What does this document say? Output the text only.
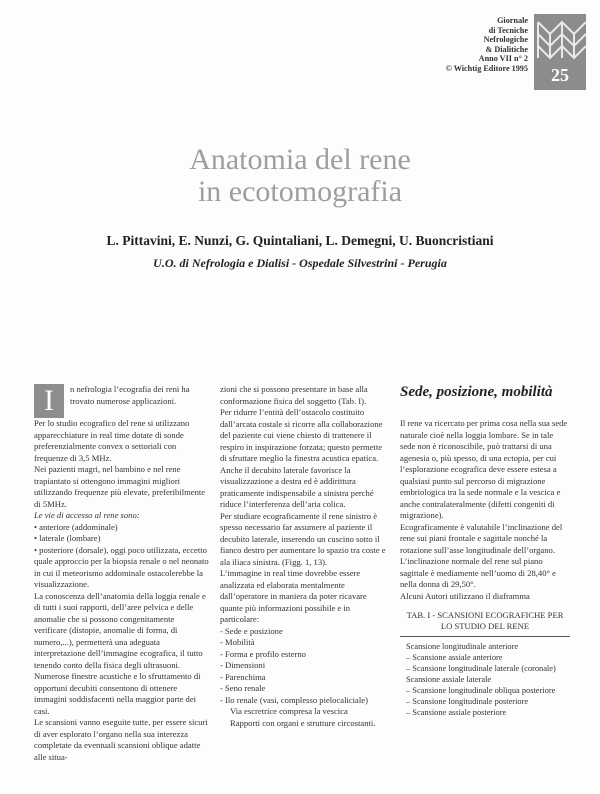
Giornale
di Tecniche
Nefrologiche
& Dialitiche
Anno VII n° 2
© Wichtig Editore 1995	25
Anatomia del rene
in ecotomografia
L. Pittavini, E. Nunzi, G. Quintaliani, L. Demegni, U. Buoncristiani
U.O. di Nefrologia e Dialisi - Ospedale Silvestrini - Perugia
I	n nefrologia l’ecografia dei reni ha trovato numerose applicazioni.

Per lo studio ecografico del rene si utilizzano apparecchiature in real time dotate di sonde preferenzialmente convex o settoriali con frequenze di 3,5 MHz.

Nei pazienti magri, nel bambino e nel rene trapiantato si ottengono immagini migliori utilizzando frequenze più elevate, preferibilmente di 5MHz.

Le vie di accesso al rene sono:

• anteriore (addominale)

• laterale (lombare)

• posteriore (dorsale), oggi poco utilizzata, eccetto quale approccio per la biopsia renale o nel neonato in cui il meteorismo addominale ostacolerebbe la visualizzazione.

La conoscenza dell’anatomia della loggia renale e di tutti i suoi rapporti, dell’aree pelvica e delle anomalie che si possono congenitamente verificare (distopie, anomalie di forma, di numero,...), permetterà una adeguata interpretazione dell’immagine ecografica, il tutto tenendo conto della fisica degli ultrasuoni.

Numerose finestre acustiche e lo sfruttamento di opportuni decubiti consentono di ottenere immagini soddisfacenti nella maggior parte dei casi.

Le scansioni vanno eseguite tutte, per essere sicuri di aver esplorato l’organo nella sua interezza completate da eventuali scansioni oblique adatte alle situa-

zioni che si possono presentare in base alla conformazione fisica del soggetto (Tab. I).

Per ridurre l’entità dell’ostacolo costituito dall’arcata costale si ricorre alla collaborazione del paziente cui viene chiesto di trattenere il respiro in inspirazione forzata; questo permette di sfruttare meglio la finestra acustica epatica. Anche il decubito laterale favorisce la visualizzazione a destra ed è addirittura praticamente indispensabile a sinistra perché riduce l’interferenza dell’aria colica.

Per studiare ecograficamente il rene sinistro è spesso necessario far assumere al paziente il decubito laterale, inserendo un cuscino sotto il fianco destro per aumentare lo spazio tra coste e ala iliaca sinistra. (Figg. 1, 13).

L’immagine in real time dovrebbe essere analizzata ed elaborata mentalmente dall’operatore in maniera da poter ricavare quante più informazioni possibile e in particolare:

- Sede e posizione

- Mobilità

- Forma e profilo esterno

- Dimensioni

- Parenchima

- Seno renale

- Ilo renale (vasi, complesso pielocaliciale)

Via escretrice compresa la vescica

Rapporti con organi e strutture circostanti.

Sede, posizione, mobilità

Il rene va ricercato per prima cosa nella sua sede naturale cioè nella loggia lombare. Se in tale sede non è riconoscibile, può trattarsi di una agenesia o, più spesso, di una ectopia, per cui l’esplorazione ecografica deve essere estesa a qualsiasi punto sul percorso di migrazione embriologica tra la sede normale e la vescica e anche contralateralmente (difetti congeniti di migrazione).

Ecograficamente è valutabile l’inclinazione del rene sui piani frontale e sagittale nonché la rotazione sull’asse longitudinale dell’organo.

L’inclinazione normale del rene sul piano sagittale è mediamente nell’uomo di 28,40° e nella donna di 29,50°.

Alcuni Autori utilizzano il diaframma

TAB. I - SCANSIONI ECOGRAFICHE PER LO STUDIO DEL RENE
Scansione longitudinale anteriore
– Scansione assiale anteriore
– Scansione longitudinale laterale (coronale)
Scansione assiale laterale
– Scansione longitudinale obliqua posteriore
– Scansione longitudinale posteriore
– Scansione assiale posteriore
